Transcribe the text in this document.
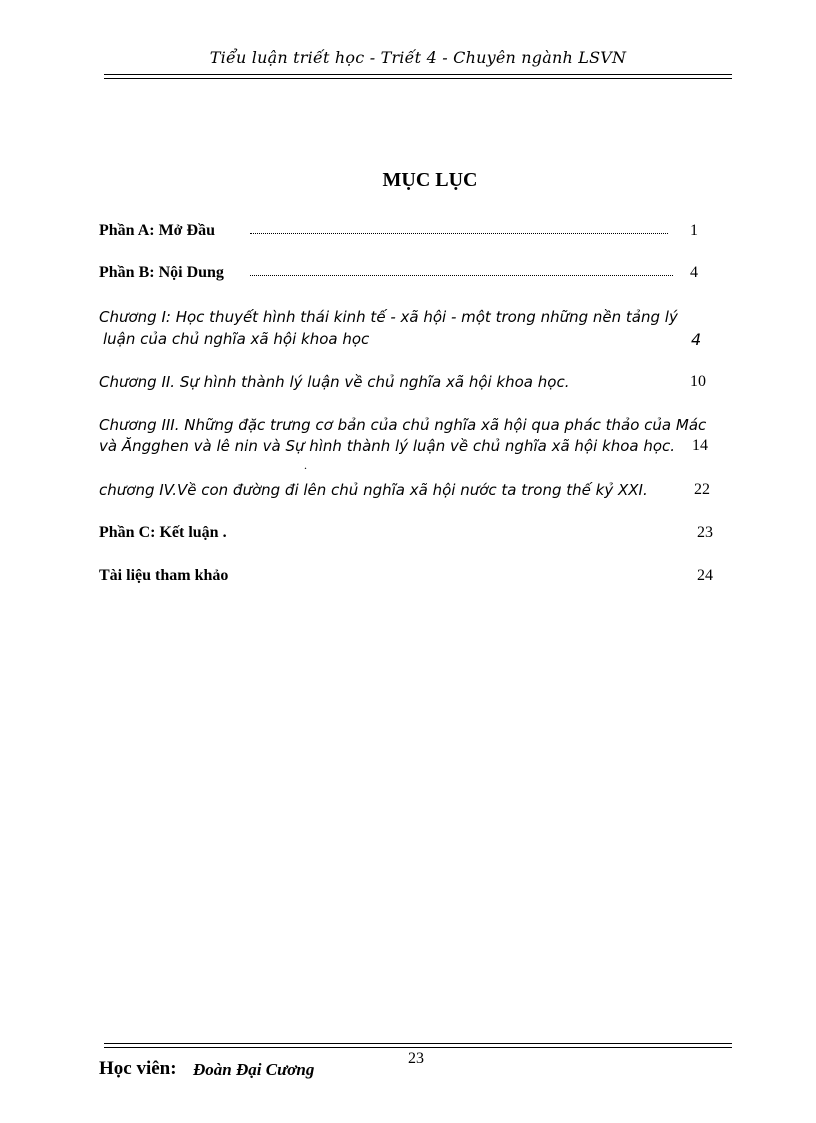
Tiểu luận triết học - Triết 4 - Chuyên ngành LSVN
MỤC LỤC
Phần A: Mở Đầu	1
Phần B: Nội Dung	4
Chương I: Học thuyết hình thái kinh tế - xã hội - một trong những nền tảng lý
luận của chủ nghĩa xã hội khoa học	4
Chương II. Sự hình thành lý luận về chủ nghĩa xã hội khoa học.	10
Chương III. Những đặc trưng cơ bản của chủ nghĩa xã hội qua phác thảo của Mác
và Ăngghen và lê nin và Sự hình thành lý luận về chủ nghĩa xã hội khoa học. 14
.
chương IV.Về con đường đi lên chủ nghĩa xã hội nước ta trong thế kỷ XXI.	22
Phần C: Kết luận .	23
Tài liệu tham khảo	24
Học viên: Đoàn Đại Cương
23
